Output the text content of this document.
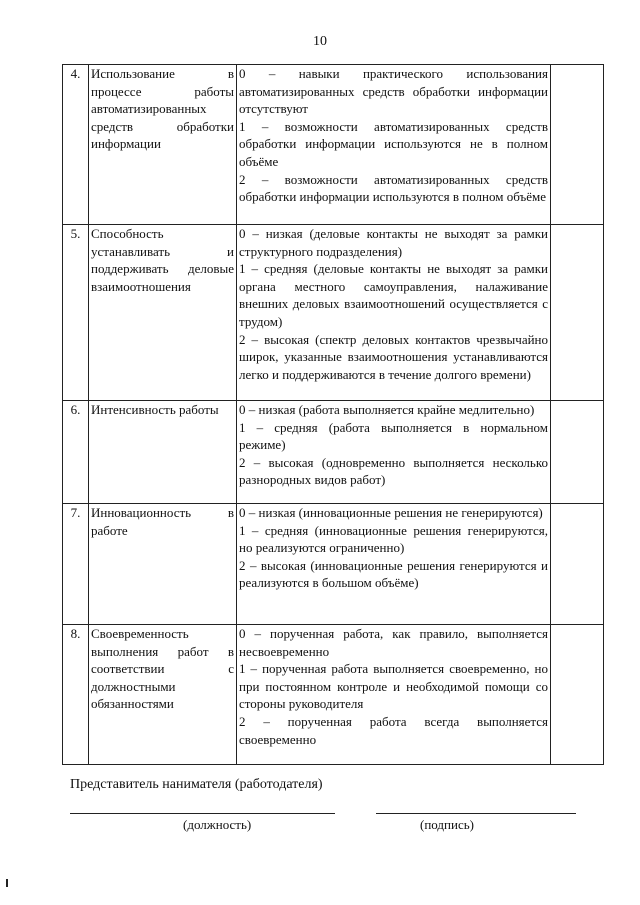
10
4.	Использование в процессе работы автоматизированных средств обработки информации	0 – навыки практического использования автоматизированных средств обработки информации отсутствуют
1 – возможности автоматизированных средств обработки информации используются не в полном объёме
2 – возможности автоматизированных средств обработки информации используются в полном объёме	

5.	Способность устанавливать и поддерживать деловые взаимоотношения	0 – низкая (деловые контакты не выходят за рамки структурного подразделения)
1 – средняя (деловые контакты не выходят за рамки органа местного самоуправления, налаживание внешних деловых взаимоотношений осуществляется с трудом)
2 – высокая (спектр деловых контактов чрезвычайно широк, указанные взаимоотношения устанавливаются легко и поддерживаются в течение долгого времени)	

6.	Интенсивность работы	0 – низкая (работа выполняется крайне медлительно)
1 – средняя (работа выполняется в нормальном режиме)
2 – высокая (одновременно выполняется несколько разнородных видов работ)	

7.	Инновационность в работе	0 – низкая (инновационные решения не генерируются)
1 – средняя (инновационные решения генерируются, но реализуются ограниченно)
2 – высокая (инновационные решения генерируются и реализуются в большом объёме)	

8.	Своевременность выполнения работ в соответствии с должностными обязанностями	0 – порученная работа, как правило, выполняется несвоевременно
1 – порученная работа выполняется своевременно, но при постоянном контроле и необходимой помощи со стороны руководителя
2 – порученная работа всегда выполняется своевременно	

Представитель нанимателя (работодателя)
(должность)	(подпись)
